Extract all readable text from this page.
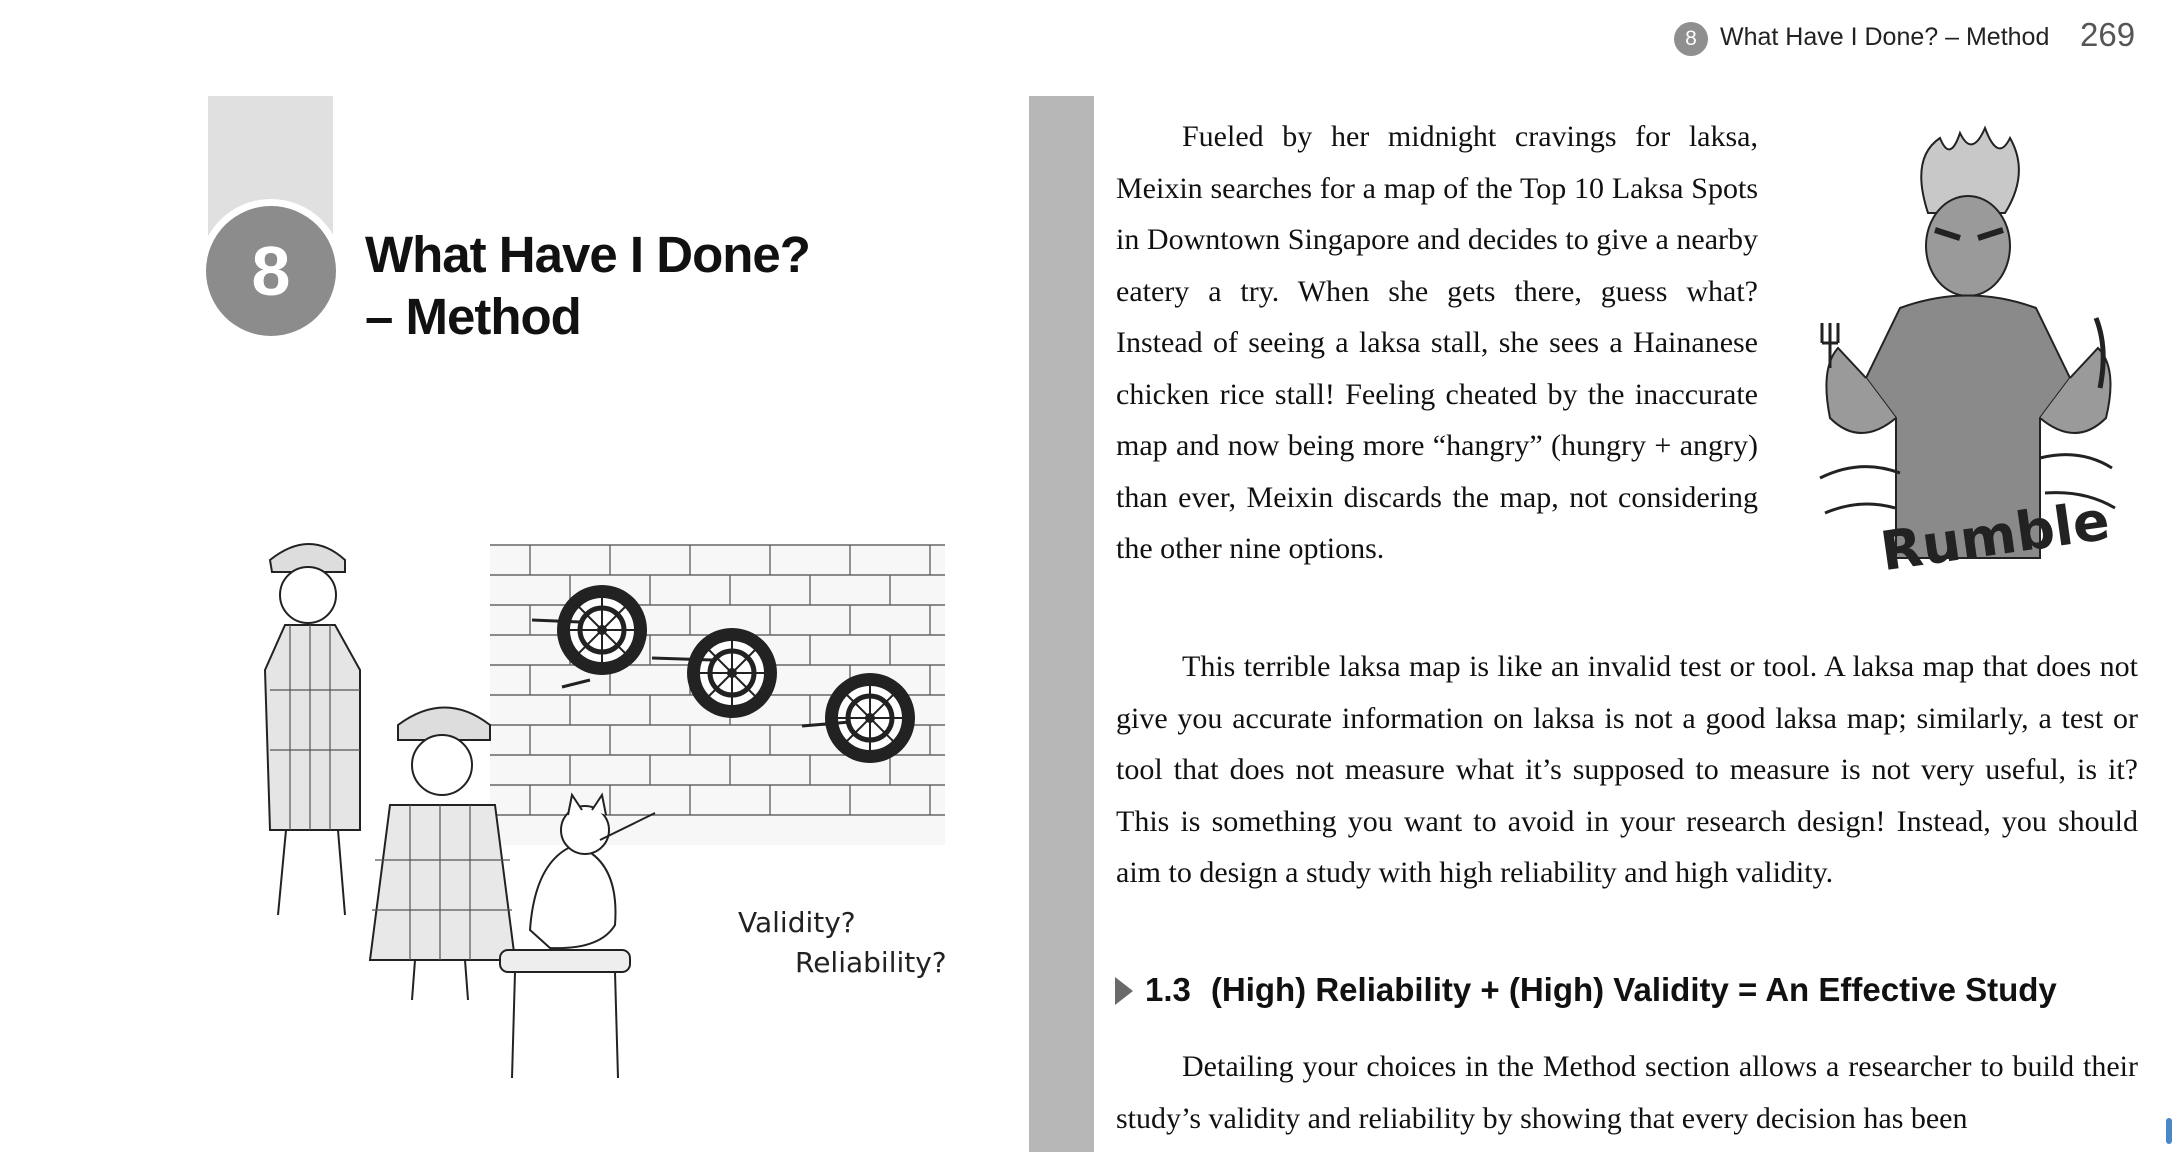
8 What Have I Done? – Method 269
8	What Have I Done?
– Method
Validity?
Reliability?

Fueled by her midnight cravings for laksa, Meixin searches for a map of the Top 10 Laksa Spots in Downtown Singapore and decides to give a nearby eatery a try. When she gets there, guess what? Instead of seeing a laksa stall, she sees a Hainanese chicken rice stall! Feeling cheated by the inaccurate map and now being more “hangry” (hungry + angry) than ever, Meixin discards the map, not considering the other nine options.	Rumble

This terrible laksa map is like an invalid test or tool. A laksa map that does not give you accurate information on laksa is not a good laksa map; similarly, a test or tool that does not measure what it’s supposed to measure is not very useful, is it? This is something you want to avoid in your research design! Instead, you should aim to design a study with high reliability and high validity.

1.3 (High) Reliability + (High) Validity = An Effective Study

Detailing your choices in the Method section allows a researcher to build their study’s validity and reliability by showing that every decision has been
